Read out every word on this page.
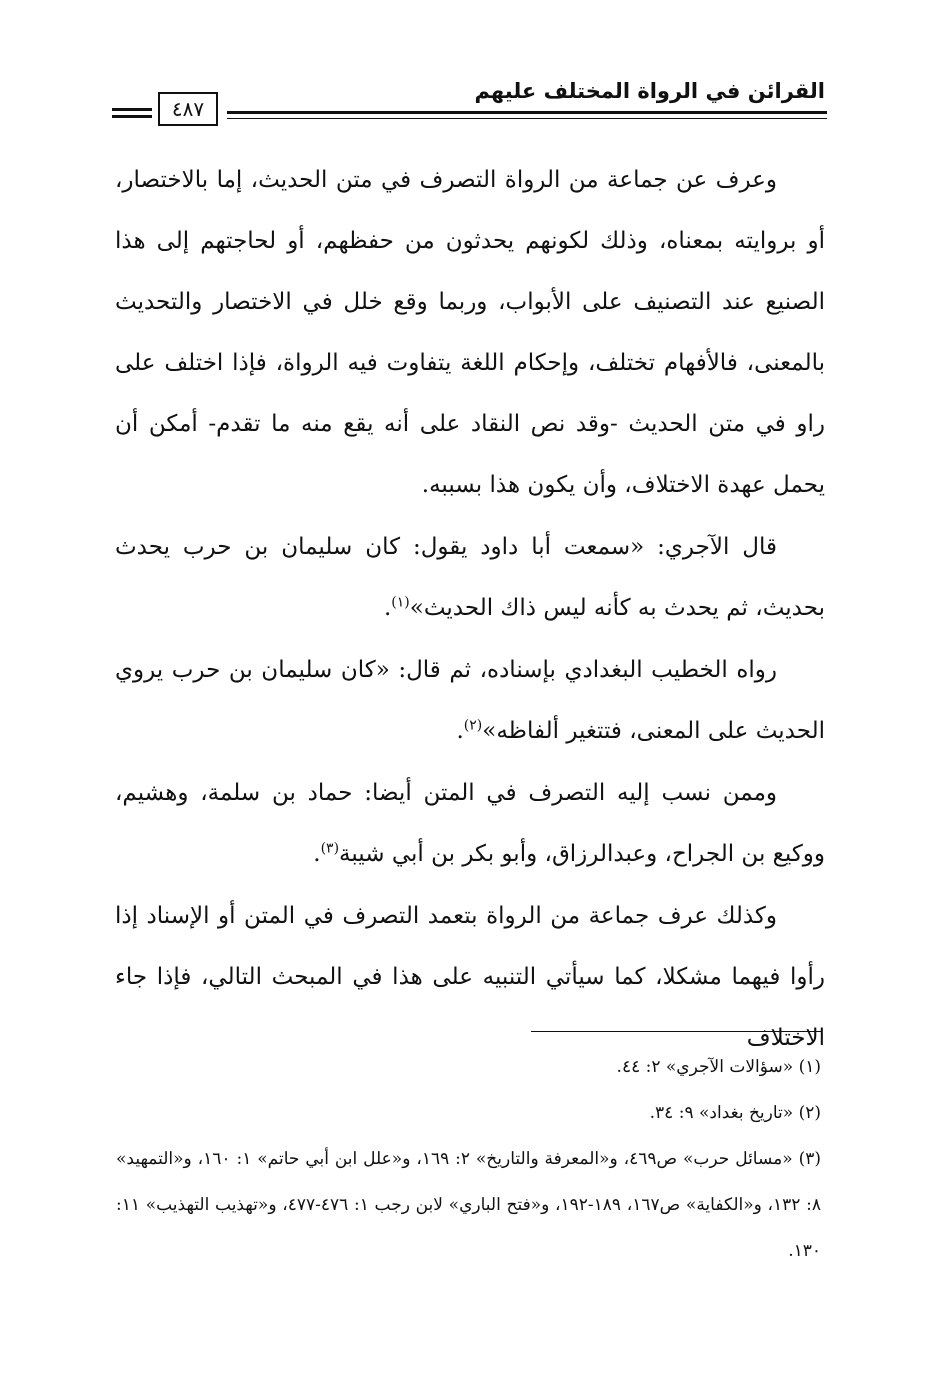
القرائن في الرواة المختلف عليهم
٤٨٧

وعرف عن جماعة من الرواة التصرف في متن الحديث، إما بالاختصار، أو بروايته بمعناه، وذلك لكونهم يحدثون من حفظهم، أو لحاجتهم إلى هذا الصنيع عند التصنيف على الأبواب، وربما وقع خلل في الاختصار والتحديث بالمعنى، فالأفهام تختلف، وإحكام اللغة يتفاوت فيه الرواة، فإذا اختلف على راو في متن الحديث -وقد نص النقاد على أنه يقع منه ما تقدم- أمكن أن يحمل عهدة الاختلاف، وأن يكون هذا بسببه.

قال الآجري: «سمعت أبا داود يقول: كان سليمان بن حرب يحدث بحديث، ثم يحدث به كأنه ليس ذاك الحديث»$^{(١)}$.

رواه الخطيب البغدادي بإسناده، ثم قال: «كان سليمان بن حرب يروي الحديث على المعنى، فتتغير ألفاظه»$^{(٢)}$.

وممن نسب إليه التصرف في المتن أيضا: حماد بن سلمة، وهشيم، ووكيع بن الجراح، وعبدالرزاق، وأبو بكر بن أبي شيبة$^{(٣)}$.

وكذلك عرف جماعة من الرواة بتعمد التصرف في المتن أو الإسناد إذا رأوا فيهما مشكلا، كما سيأتي التنبيه على هذا في المبحث التالي، فإذا جاء الاختلاف

(١) «سؤالات الآجري» ٢: ٤٤.

(٢) «تاريخ بغداد» ٩: ٣٤.

(٣) «مسائل حرب» ص٤٦٩، و«المعرفة والتاريخ» ٢: ١٦٩، و«علل ابن أبي حاتم» ١: ١٦٠، و«التمهيد» ٨: ١٣٢، و«الكفاية» ص١٦٧، ١٨٩-١٩٢، و«فتح الباري» لابن رجب ١: ٤٧٦-٤٧٧، و«تهذيب التهذيب» ١١: ١٣٠.
